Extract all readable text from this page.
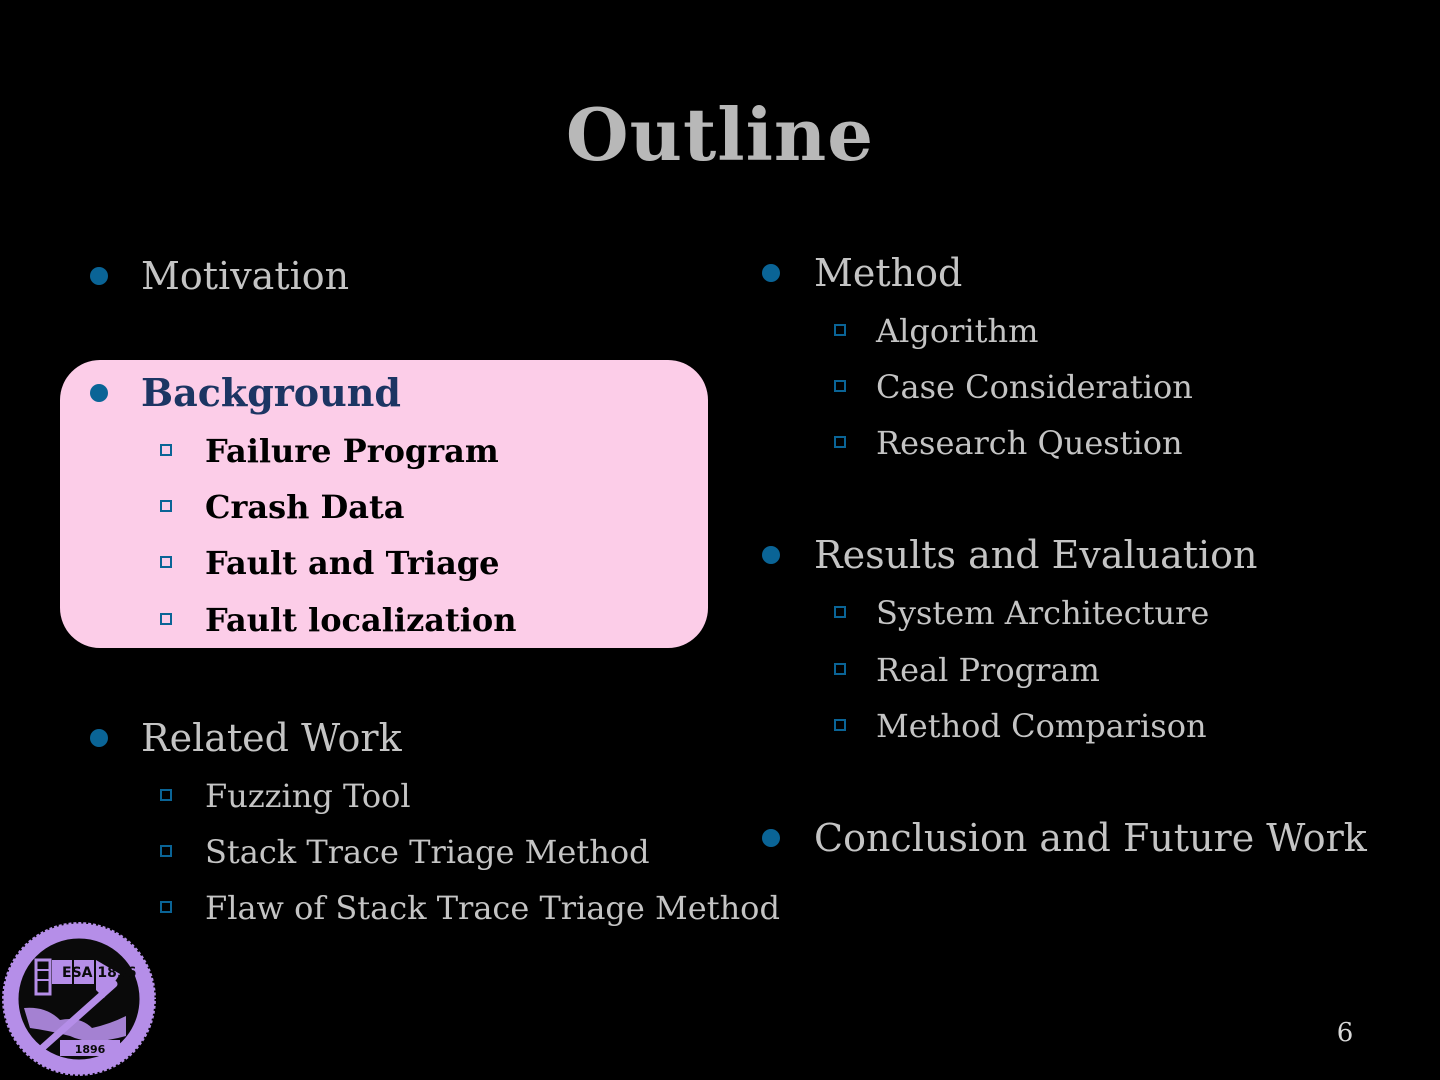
Outline
Motivation
Background
Failure Program
Crash Data
Fault and Triage
Fault localization
Related Work
Fuzzing Tool
Stack Trace Triage Method
Flaw of Stack Trace Triage Method
Method
Algorithm
Case Consideration
Research Question
Results and Evaluation
System Architecture
Real Program
Method Comparison
Conclusion and Future Work
ESA 1896
1896
6
